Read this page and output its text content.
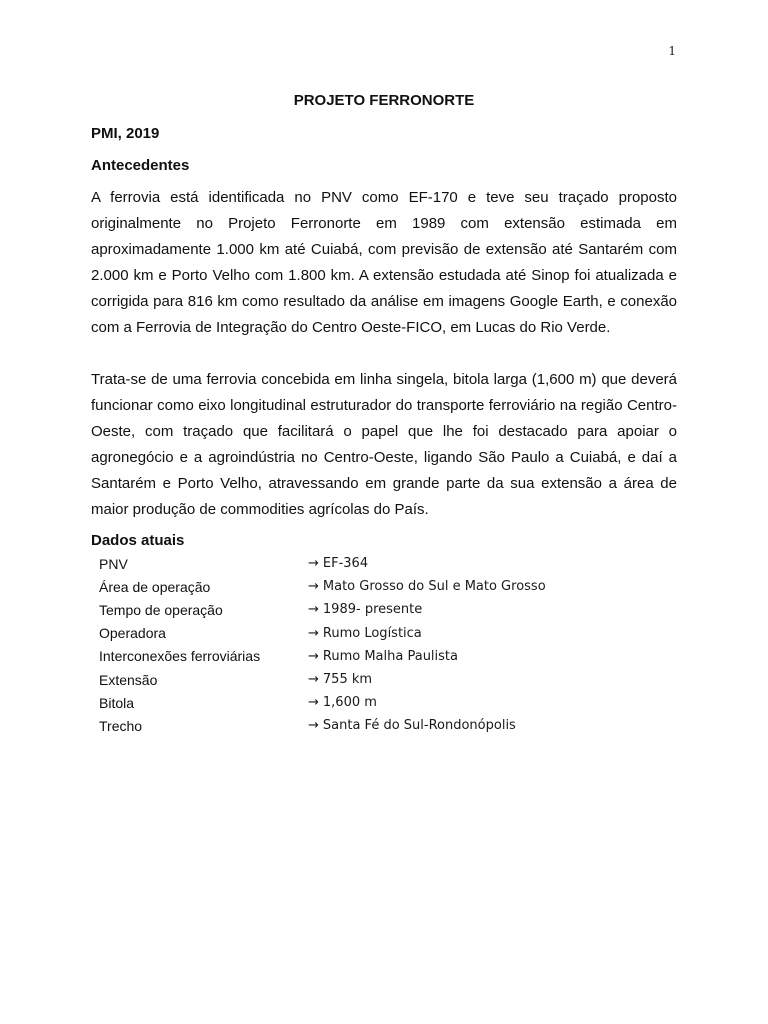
1
PROJETO FERRONORTE
PMI, 2019
Antecedentes

A ferrovia está identificada no PNV como EF-170 e teve seu traçado proposto originalmente no Projeto Ferronorte em 1989 com extensão estimada em aproximadamente 1.000 km até Cuiabá, com previsão de extensão até Santarém com 2.000 km e Porto Velho com 1.800 km. A extensão estudada até Sinop foi atualizada e corrigida para 816 km como resultado da análise em imagens Google Earth, e conexão com a Ferrovia de Integração do Centro Oeste-FICO, em Lucas do Rio Verde.

Trata-se de uma ferrovia concebida em linha singela, bitola larga (1,600 m) que deverá funcionar como eixo longitudinal estruturador do transporte ferroviário na região Centro-Oeste, com traçado que facilitará o papel que lhe foi destacado para apoiar o agronegócio e a agroindústria no Centro-Oeste, ligando São Paulo a Cuiabá, e daí a Santarém e Porto Velho, atravessando em grande parte da sua extensão a área de maior produção de commodities agrícolas do País.

Dados atuais
PNV	→ EF-364
Área de operação	→ Mato Grosso do Sul e Mato Grosso
Tempo de operação	→ 1989- presente
Operadora	→ Rumo Logística
Interconexões ferroviárias	→ Rumo Malha Paulista
Extensão	→ 755 km
Bitola	→ 1,600 m
Trecho	→ Santa Fé do Sul-Rondonópolis
